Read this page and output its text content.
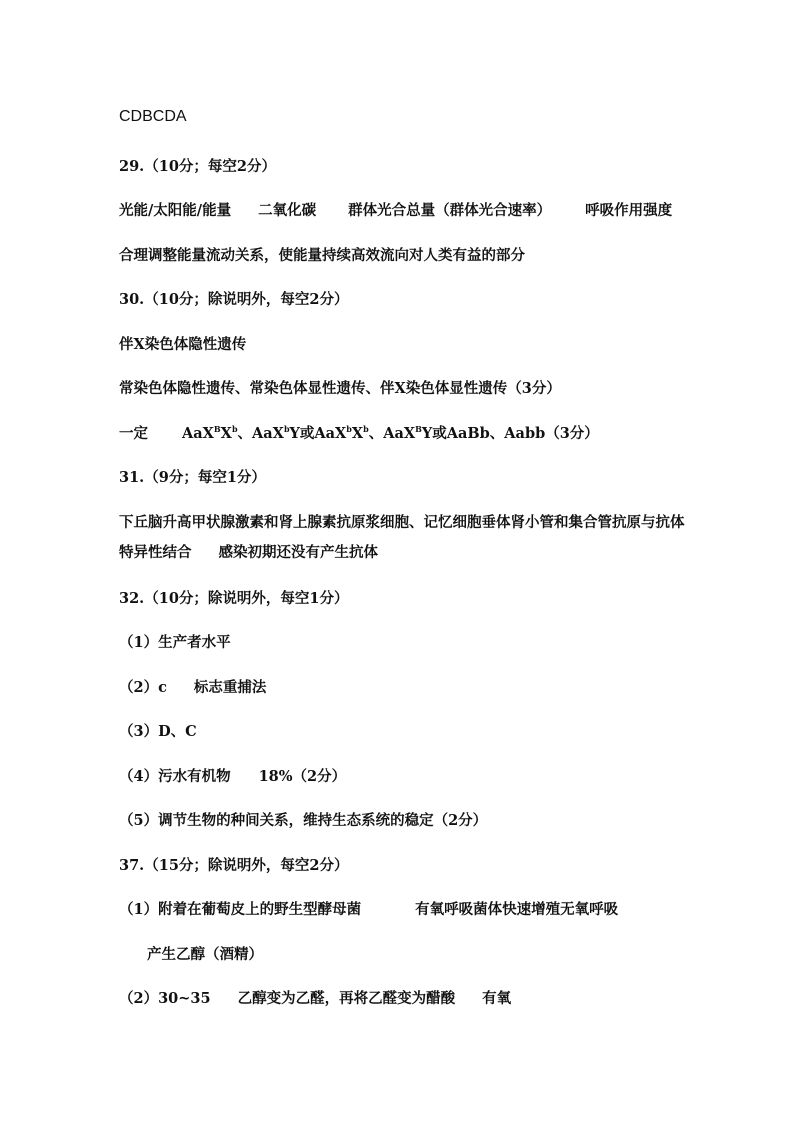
CDBCDA
29.（10分；每空2分）
光能/太阳能/能量 二氧化碳 群体光合总量（群体光合速率） 呼吸作用强度
合理调整能量流动关系，使能量持续高效流向对人类有益的部分
30.（10分；除说明外，每空2分）
伴X染色体隐性遗传
常染色体隐性遗传、常染色体显性遗传、伴X染色体显性遗传（3分）
一定 $AaX^BX^b$、AaX$^b$Y或$AaX^bX^b$、AaX$^B$Y或AaBb、Aabb（3分）
31.（9分；每空1分）
下丘脑升高甲状腺激素和肾上腺素抗原浆细胞、记忆细胞垂体肾小管和集合管抗原与抗体
特异性结合 感染初期还没有产生抗体
32.（10分；除说明外，每空1分）
（1）生产者水平
（2）c 标志重捕法
（3）D、C
（4）污水有机物 18%（2分）
（5）调节生物的种间关系，维持生态系统的稳定（2分）
37.（15分；除说明外，每空2分）
（1）附着在葡萄皮上的野生型酵母菌	有氧呼吸菌体快速增殖无氧呼吸
产生乙醇（酒精）
（2）30~35 乙醇变为乙醛，再将乙醛变为醋酸 有氧
